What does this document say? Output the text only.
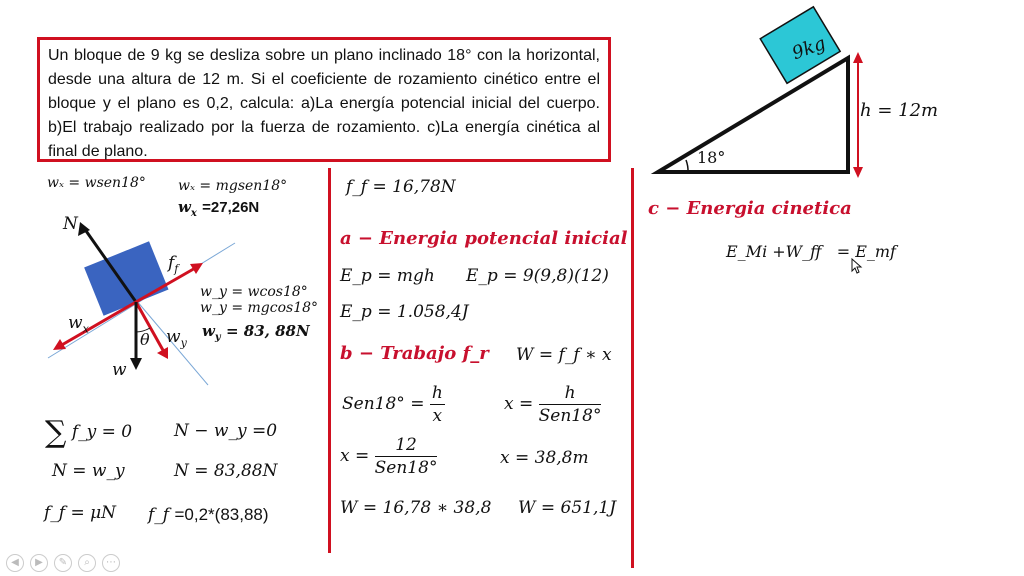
Un bloque de 9 kg se desliza sobre un plano inclinado 18° con la horizontal, desde una altura de 12 m. Si el coeficiente de rozamiento cinético entre el bloque y el plano es 0,2, calcula: a)La energía potencial inicial del cuerpo. b)El trabajo realizado por la fuerza de rozamiento. c)La energía cinética al final de plano.
9kg
18°
h = 12m
N
$f_f$
$w_x$	$w_y$
θ
w
wₓ = wsen18° wₓ = mgsen18°
$w_x =27,26N$
w_y = wcos18°
w_y = mgcos18°
$w_y = 83$, 88N
∑ f_y = 0 N − w_y =0
N = w_y	N = 83,88N
f_f = μN f_f =0,2*(83,88)
f_f = 16,78N
a − Energia potencial inicial
E_p = mgh E_p = 9(9,8)(12)
E_p = 1.058,4J
b − Trabajo f_r W = f_f ∗ x
$Sen18^\circ = \frac{h}{x}$	$x = \frac{h}{\text{Sen18°}}$
$x = \frac{12}{\text{Sen18°}}$	x = 38,8m
W = 16,78 ∗ 38,8 W = 651,1J
c − Energia cinetica
E_Mi +W_ff   = E_mf
◀	▶	✎	⌕	⋯
